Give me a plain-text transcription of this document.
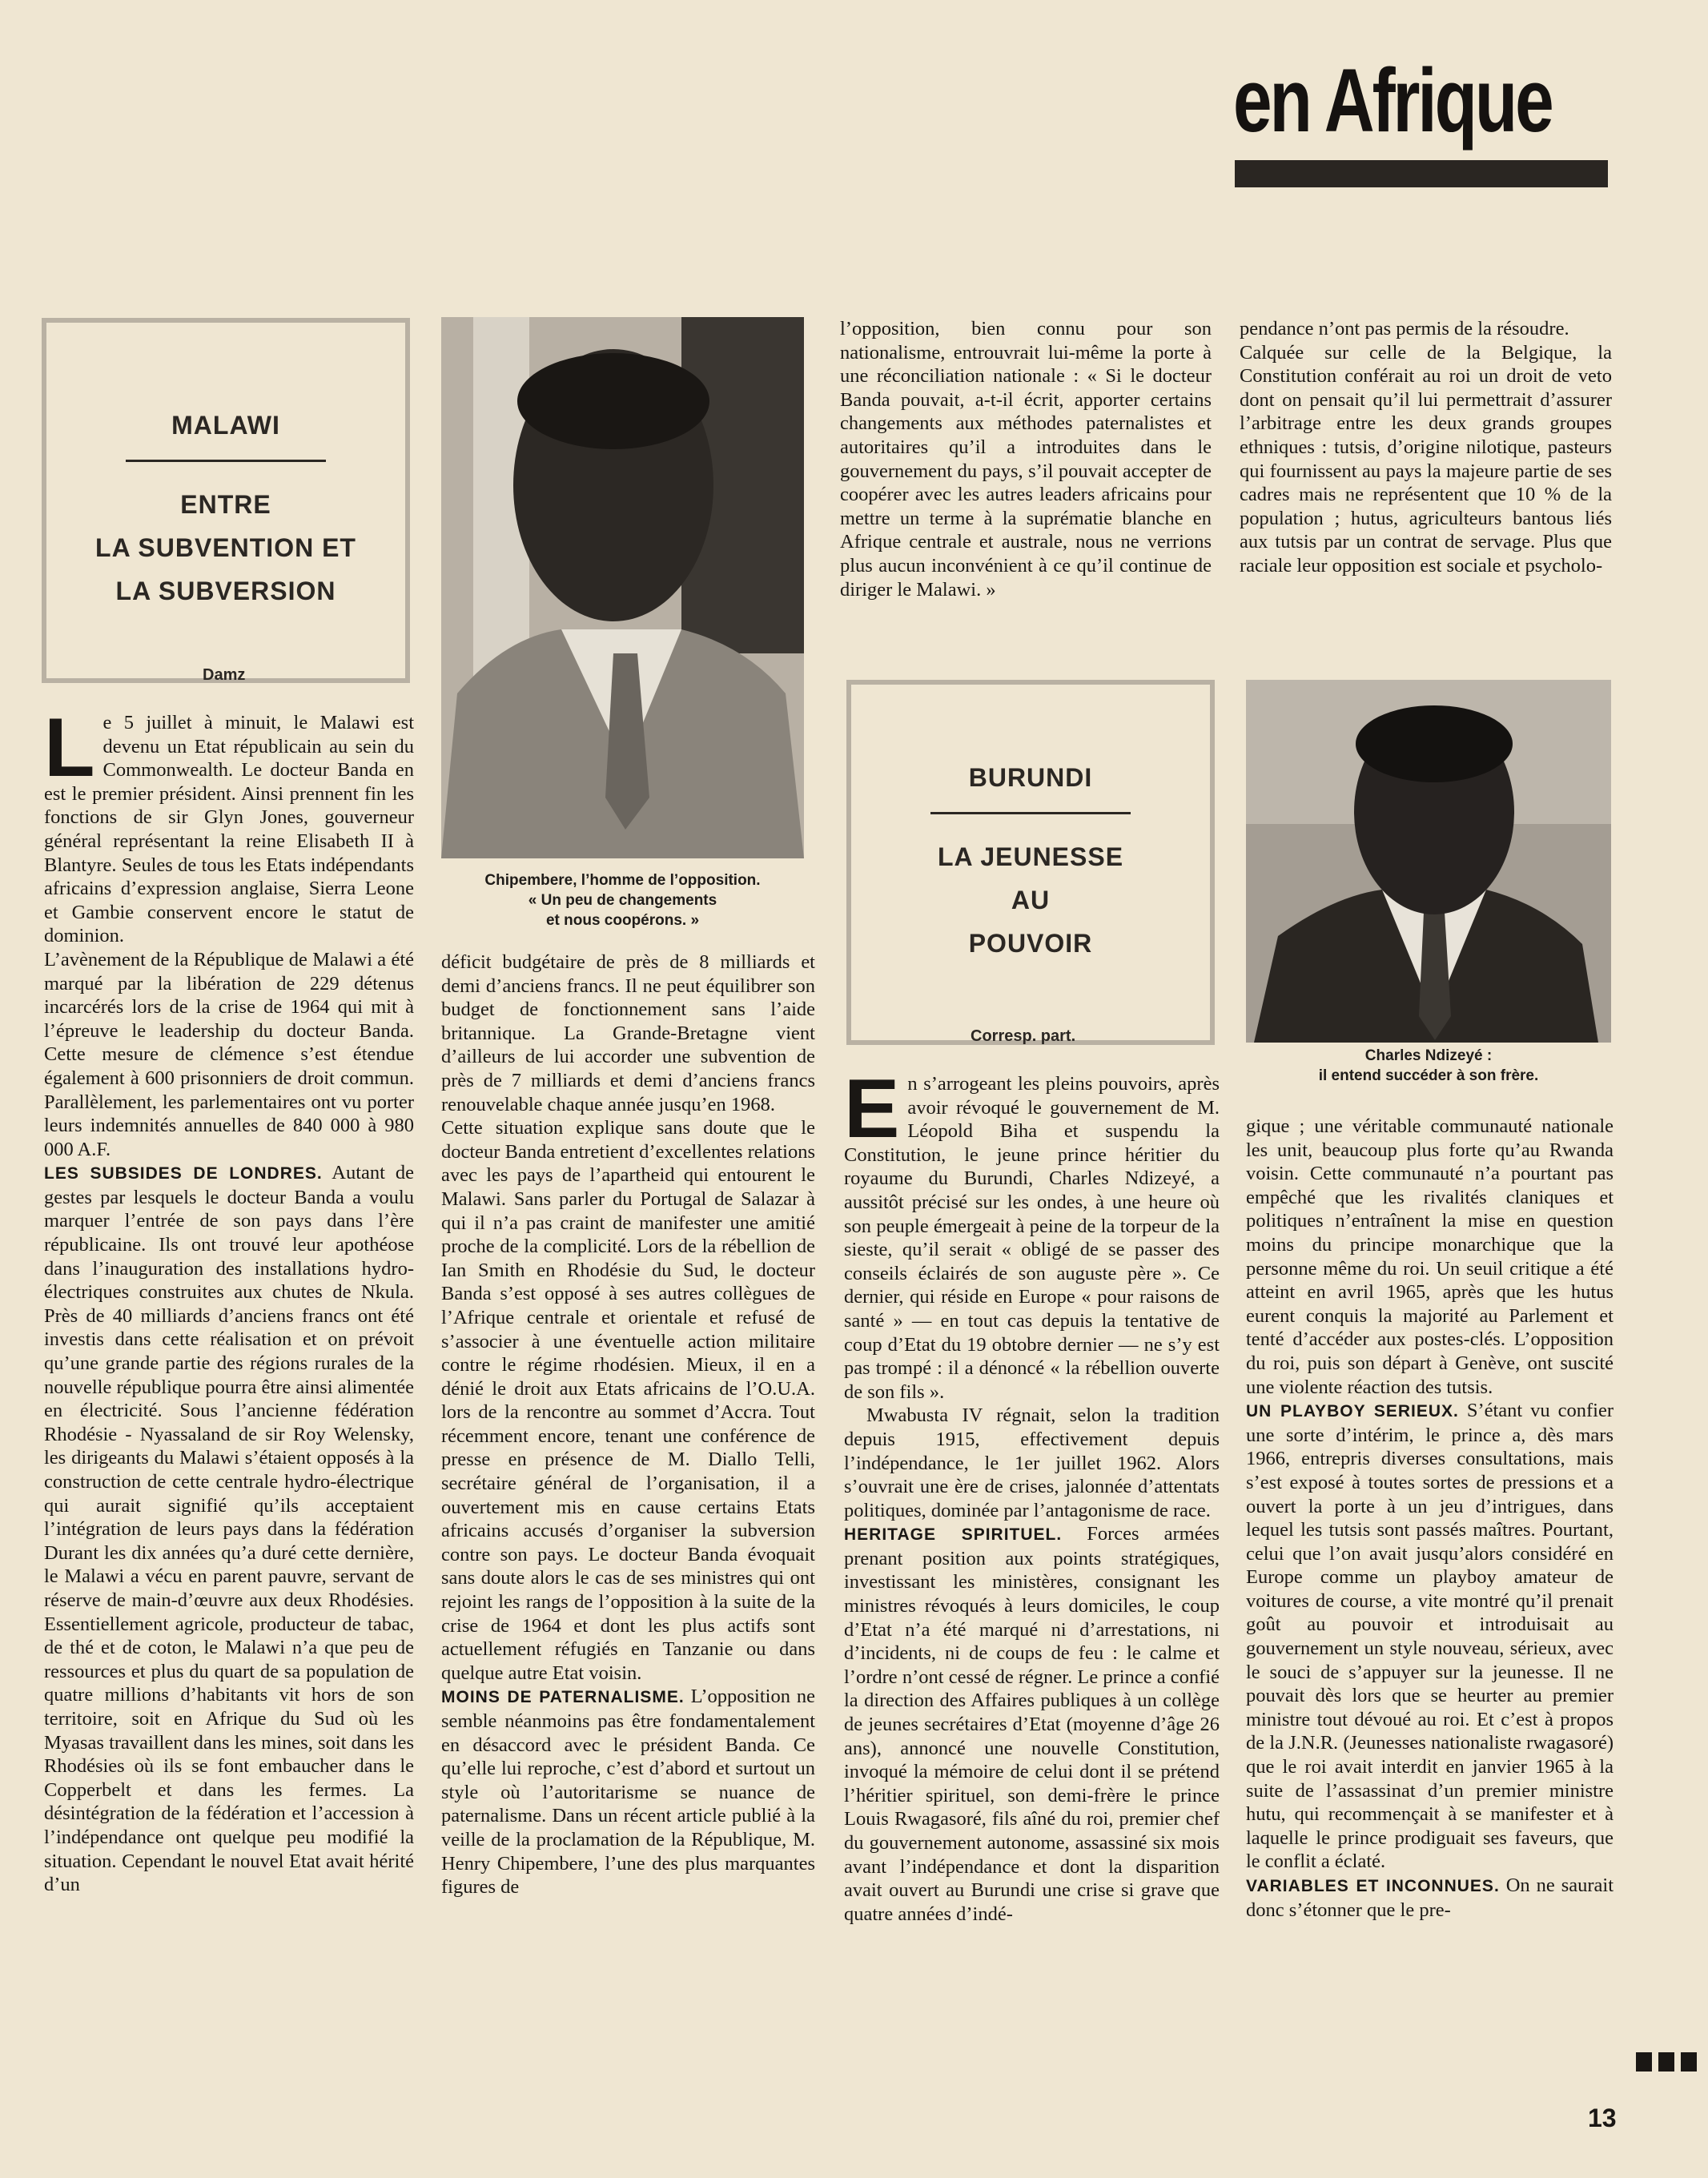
en Afrique
MALAWI
ENTRE
LA SUBVENTION ET
LA SUBVERSION
Damz

Le 5 juillet à minuit, le Malawi est devenu un Etat républicain au sein du Commonwealth. Le docteur Banda en est le premier président. Ainsi prennent fin les fonctions de sir Glyn Jones, gouverneur général représentant la reine Elisabeth II à Blantyre. Seules de tous les Etats indépendants africains d’expression anglaise, Sierra Leone et Gambie conservent encore le statut de dominion.

L’avènement de la République de Malawi a été marqué par la libération de 229 détenus incarcérés lors de la crise de 1964 qui mit à l’épreuve le leadership du docteur Banda. Cette mesure de clémence s’est étendue également à 600 prisonniers de droit commun. Parallèlement, les parlementaires ont vu porter leurs indemnités annuelles de 840 000 à 980 000 A.F.

LES SUBSIDES DE LONDRES. Autant de gestes par lesquels le docteur Banda a voulu marquer l’entrée de son pays dans l’ère républicaine. Ils ont trouvé leur apothéose dans l’inauguration des installations hydro-électriques construites aux chutes de Nkula. Près de 40 milliards d’anciens francs ont été investis dans cette réalisation et on prévoit qu’une grande partie des régions rurales de la nouvelle république pourra être ainsi alimentée en électricité. Sous l’ancienne fédération Rhodésie - Nyassaland de sir Roy Welensky, les dirigeants du Malawi s’étaient opposés à la construction de cette centrale hydro-électrique qui aurait signifié qu’ils acceptaient l’intégration de leurs pays dans la fédération Durant les dix années qu’a duré cette dernière, le Malawi a vécu en parent pauvre, servant de réserve de main-d’œuvre aux deux Rhodésies. Essentiellement agricole, producteur de tabac, de thé et de coton, le Malawi n’a que peu de ressources et plus du quart de sa population de quatre millions d’habitants vit hors de son territoire, soit en Afrique du Sud où les Myasas travaillent dans les mines, soit dans les Rhodésies où ils se font embaucher dans le Copperbelt et dans les fermes. La désintégration de la fédération et l’accession à l’indépendance ont quelque peu modifié la situation. Cependant le nouvel Etat avait hérité d’un

Chipembere, l’homme de l’opposition.
« Un peu de changements
et nous coopérons. »

déficit budgétaire de près de 8 milliards et demi d’anciens francs. Il ne peut équilibrer son budget de fonctionnement sans l’aide britannique. La Grande-Bretagne vient d’ailleurs de lui accorder une subvention de près de 7 milliards et demi d’anciens francs renouvelable chaque année jusqu’en 1968.

Cette situation explique sans doute que le docteur Banda entretient d’excellentes relations avec les pays de l’apartheid qui entourent le Malawi. Sans parler du Portugal de Salazar à qui il n’a pas craint de manifester une amitié proche de la complicité. Lors de la rébellion de Ian Smith en Rhodésie du Sud, le docteur Banda s’est opposé à ses autres collègues de l’Afrique centrale et orientale et refusé de s’associer à une éventuelle action militaire contre le régime rhodésien. Mieux, il en a dénié le droit aux Etats africains de l’O.U.A. lors de la rencontre au sommet d’Accra. Tout récemment encore, tenant une conférence de presse en présence de M. Diallo Telli, secrétaire général de l’organisation, il a ouvertement mis en cause certains Etats africains accusés d’organiser la subversion contre son pays. Le docteur Banda évoquait sans doute alors le cas de ses ministres qui ont rejoint les rangs de l’opposition à la suite de la crise de 1964 et dont les plus actifs sont actuellement réfugiés en Tanzanie ou dans quelque autre Etat voisin.

MOINS DE PATERNALISME. L’opposition ne semble néanmoins pas être fondamentalement en désaccord avec le président Banda. Ce qu’elle lui reproche, c’est d’abord et surtout un style où l’autoritarisme se nuance de paternalisme. Dans un récent article publié à la veille de la proclamation de la République, M. Henry Chipembere, l’une des plus marquantes figures de

l’opposition, bien connu pour son nationalisme, entrouvrait lui-même la porte à une réconciliation nationale : « Si le docteur Banda pouvait, a-t-il écrit, apporter certains changements aux méthodes paternalistes et autoritaires qu’il a introduites dans le gouvernement du pays, s’il pouvait accepter de coopérer avec les autres leaders africains pour mettre un terme à la suprématie blanche en Afrique centrale et australe, nous ne verrions plus aucun inconvénient à ce qu’il continue de diriger le Malawi. »

BURUNDI
LA JEUNESSE
AU
POUVOIR
Corresp. part.

En s’arrogeant les pleins pouvoirs, après avoir révoqué le gouvernement de M. Léopold Biha et suspendu la Constitution, le jeune prince héritier du royaume du Burundi, Charles Ndizeyé, a aussitôt précisé sur les ondes, à une heure où son peuple émergeait à peine de la torpeur de la sieste, qu’il serait « obligé de se passer des conseils éclairés de son auguste père ». Ce dernier, qui réside en Europe « pour raisons de santé » — en tout cas depuis la tentative de coup d’Etat du 19 obtobre dernier — ne s’y est pas trompé : il a dénoncé « la rébellion ouverte de son fils ».

Mwabusta IV régnait, selon la tradition depuis 1915, effectivement depuis l’indépendance, le 1er juillet 1962. Alors s’ouvrait une ère de crises, jalonnée d’attentats politiques, dominée par l’antagonisme de race.

HERITAGE SPIRITUEL. Forces armées prenant position aux points stratégiques, investissant les ministères, consignant les ministres révoqués à leurs domiciles, le coup d’Etat n’a été marqué ni d’arrestations, ni d’incidents, ni de coups de feu : le calme et l’ordre n’ont cessé de régner. Le prince a confié la direction des Affaires publiques à un collège de jeunes secrétaires d’Etat (moyenne d’âge 26 ans), annoncé une nouvelle Constitution, invoqué la mémoire de celui dont il se prétend l’héritier spirituel, son demi-frère le prince Louis Rwagasoré, fils aîné du roi, premier chef du gouvernement autonome, assassiné six mois avant l’indépendance et dont la disparition avait ouvert au Burundi une crise si grave que quatre années d’indé-

pendance n’ont pas permis de la résoudre.

Calquée sur celle de la Belgique, la Constitution conférait au roi un droit de veto dont on pensait qu’il lui permettrait d’assurer l’arbitrage entre les deux grands groupes ethniques : tutsis, d’origine nilotique, pasteurs qui fournissent au pays la majeure partie de ses cadres mais ne représentent que 10 % de la population ; hutus, agriculteurs bantous liés aux tutsis par un contrat de servage. Plus que raciale leur opposition est sociale et psycholo-

Charles Ndizeyé :
il entend succéder à son frère.

gique ; une véritable communauté nationale les unit, beaucoup plus forte qu’au Rwanda voisin. Cette communauté n’a pourtant pas empêché que les rivalités claniques et politiques n’entraînent la mise en question moins du principe monarchique que la personne même du roi. Un seuil critique a été atteint en avril 1965, après que les hutus eurent conquis la majorité au Parlement et tenté d’accéder aux postes-clés. L’opposition du roi, puis son départ à Genève, ont suscité une violente réaction des tutsis.

UN PLAYBOY SERIEUX. S’étant vu confier une sorte d’intérim, le prince a, dès mars 1966, entrepris diverses consultations, mais s’est exposé à toutes sortes de pressions et a ouvert la porte à un jeu d’intrigues, dans lequel les tutsis sont passés maîtres. Pourtant, celui que l’on avait jusqu’alors considéré en Europe comme un playboy amateur de voitures de course, a vite montré qu’il prenait goût au pouvoir et introduisait au gouvernement un style nouveau, sérieux, avec le souci de s’appuyer sur la jeunesse. Il ne pouvait dès lors que se heurter au premier ministre tout dévoué au roi. Et c’est à propos de la J.N.R. (Jeunesses nationaliste rwagasoré) que le roi avait interdit en janvier 1965 à la suite de l’assassinat d’un premier ministre hutu, qui recommençait à se manifester et à laquelle le prince prodiguait ses faveurs, que le conflit a éclaté.

VARIABLES ET INCONNUES. On ne saurait donc s’étonner que le pre-

13
